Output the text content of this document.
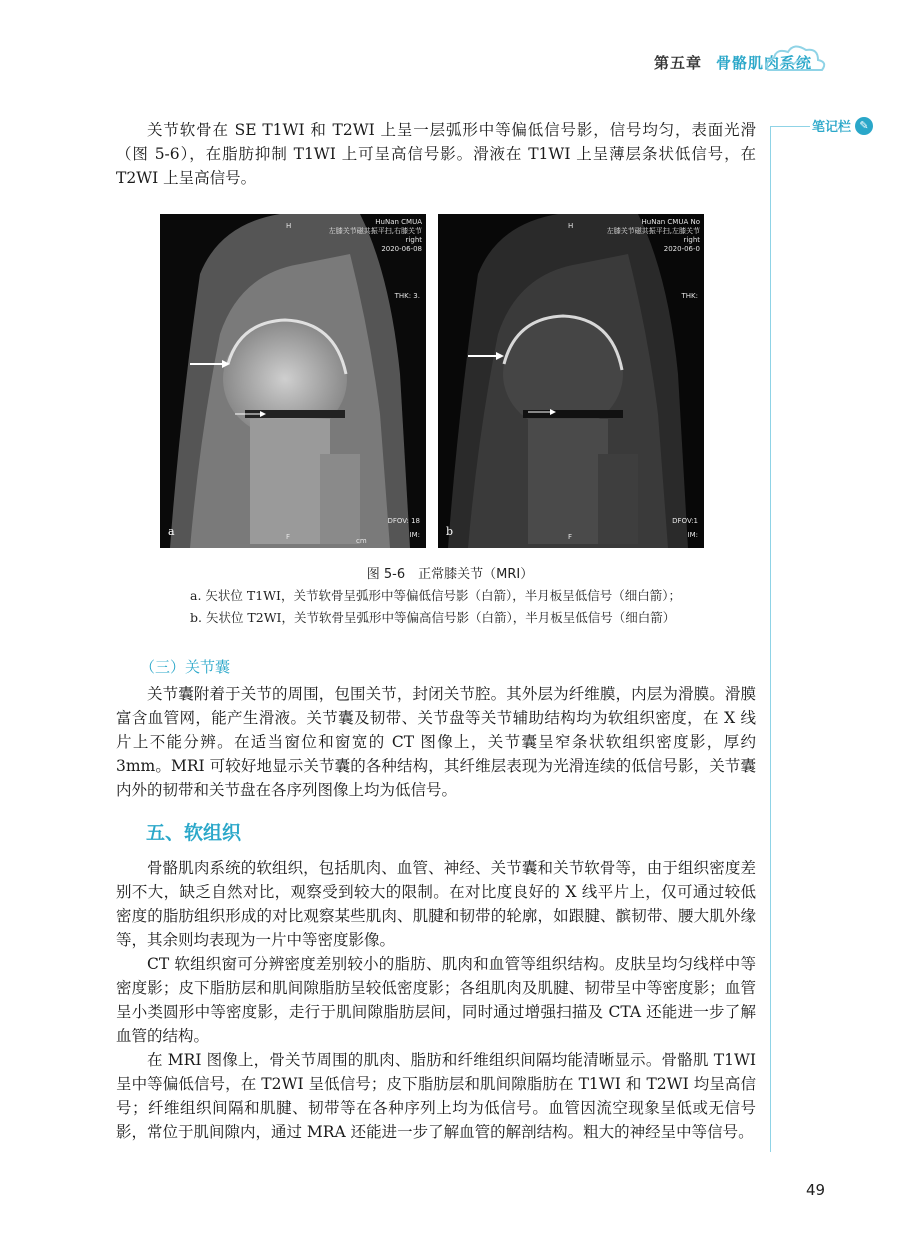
第五章 骨骼肌肉系统
笔记栏 ✎

关节软骨在 SE T1WI 和 T2WI 上呈一层弧形中等偏低信号影，信号均匀，表面光滑（图 5-6），在脂肪抑制 T1WI 上可呈高信号影。滑液在 T1WI 上呈薄层条状低信号，在 T2WI 上呈高信号。

HuNan CMUA
左膝关节磁共振平扫,右膝关节
right
2020-06-08
H
THK: 3.
F
DFOV: 18
IM:
cm
a
HuNan CMUA No
左膝关节磁共振平扫,左膝关节
right
2020-06-0
H
THK:
F
DFOV:1
IM:
b
图 5-6　正常膝关节（MRI）
a. 矢状位 T1WI，关节软骨呈弧形中等偏低信号影（白箭），半月板呈低信号（细白箭）；
b. 矢状位 T2WI，关节软骨呈弧形中等偏高信号影（白箭），半月板呈低信号（细白箭）
（三）关节囊

关节囊附着于关节的周围，包围关节，封闭关节腔。其外层为纤维膜，内层为滑膜。滑膜富含血管网，能产生滑液。关节囊及韧带、关节盘等关节辅助结构均为软组织密度，在 X 线片上不能分辨。在适当窗位和窗宽的 CT 图像上，关节囊呈窄条状软组织密度影，厚约 3mm。MRI 可较好地显示关节囊的各种结构，其纤维层表现为光滑连续的低信号影，关节囊内外的韧带和关节盘在各序列图像上均为低信号。

五、软组织

骨骼肌肉系统的软组织，包括肌肉、血管、神经、关节囊和关节软骨等，由于组织密度差别不大，缺乏自然对比，观察受到较大的限制。在对比度良好的 X 线平片上，仅可通过较低密度的脂肪组织形成的对比观察某些肌肉、肌腱和韧带的轮廓，如跟腱、髌韧带、腰大肌外缘等，其余则均表现为一片中等密度影像。

CT 软组织窗可分辨密度差别较小的脂肪、肌肉和血管等组织结构。皮肤呈均匀线样中等密度影；皮下脂肪层和肌间隙脂肪呈较低密度影；各组肌肉及肌腱、韧带呈中等密度影；血管呈小类圆形中等密度影，走行于肌间隙脂肪层间，同时通过增强扫描及 CTA 还能进一步了解血管的结构。

在 MRI 图像上，骨关节周围的肌肉、脂肪和纤维组织间隔均能清晰显示。骨骼肌 T1WI 呈中等偏低信号，在 T2WI 呈低信号；皮下脂肪层和肌间隙脂肪在 T1WI 和 T2WI 均呈高信号；纤维组织间隔和肌腱、韧带等在各种序列上均为低信号。血管因流空现象呈低或无信号影，常位于肌间隙内，通过 MRA 还能进一步了解血管的解剖结构。粗大的神经呈中等信号。

49
